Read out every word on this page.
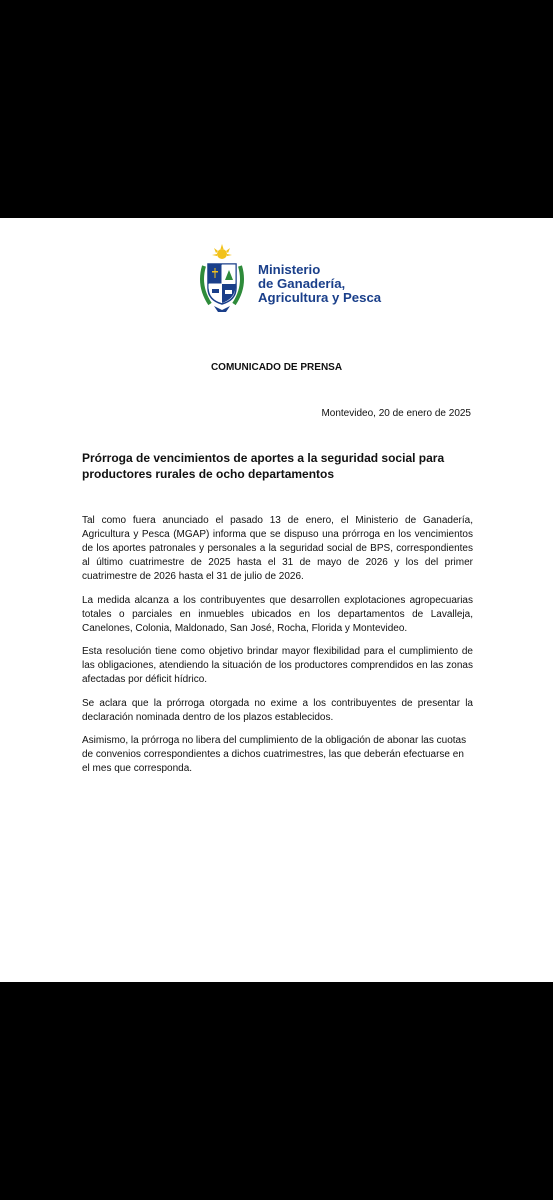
Ministerio
de Ganadería,
Agricultura y Pesca
COMUNICADO DE PRENSA
Montevideo, 20 de enero de 2025
Prórroga de vencimientos de aportes a la seguridad social para productores rurales de ocho departamentos

Tal como fuera anunciado el pasado 13 de enero, el Ministerio de Ganadería, Agricultura y Pesca (MGAP) informa que se dispuso una prórroga en los vencimientos de los aportes patronales y personales a la seguridad social de BPS, correspondientes al último cuatrimestre de 2025 hasta el 31 de mayo de 2026 y los del primer cuatrimestre de 2026 hasta el 31 de julio de 2026.

La medida alcanza a los contribuyentes que desarrollen explotaciones agropecuarias totales o parciales en inmuebles ubicados en los departamentos de Lavalleja, Canelones, Colonia, Maldonado, San José, Rocha, Florida y Montevideo.

Esta resolución tiene como objetivo brindar mayor flexibilidad para el cumplimiento de las obligaciones, atendiendo la situación de los productores comprendidos en las zonas afectadas por déficit hídrico.

Se aclara que la prórroga otorgada no exime a los contribuyentes de presentar la declaración nominada dentro de los plazos establecidos.

Asimismo, la prórroga no libera del cumplimiento de la obligación de abonar las cuotas de convenios correspondientes a dichos cuatrimestres, las que deberán efectuarse en el mes que corresponda.
